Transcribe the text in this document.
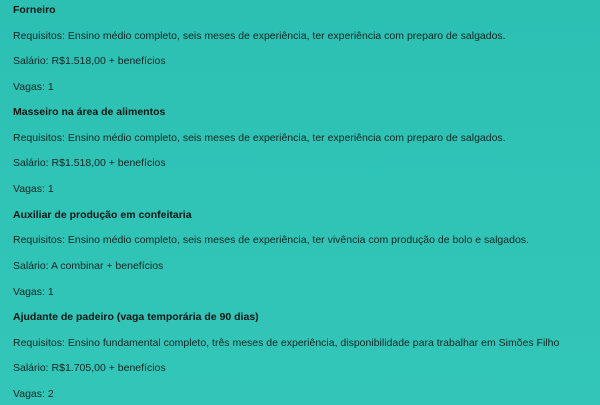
Forneiro
Requisitos: Ensino médio completo, seis meses de experiência, ter experiência com preparo de salgados.
Salário: R$1.518,00 + benefícios
Vagas: 1
Masseiro na área de alimentos
Requisitos: Ensino médio completo, seis meses de experiência, ter experiência com preparo de salgados.
Salário: R$1.518,00 + benefícios
Vagas: 1
Auxiliar de produção em confeitaria
Requisitos: Ensino médio completo, seis meses de experiência, ter vivência com produção de bolo e salgados.
Salário: A combinar + benefícios
Vagas: 1
Ajudante de padeiro (vaga temporária de 90 dias)
Requisitos: Ensino fundamental completo, três meses de experiência, disponibilidade para trabalhar em Simões Filho
Salário: R$1.705,00 + benefícios
Vagas: 2
